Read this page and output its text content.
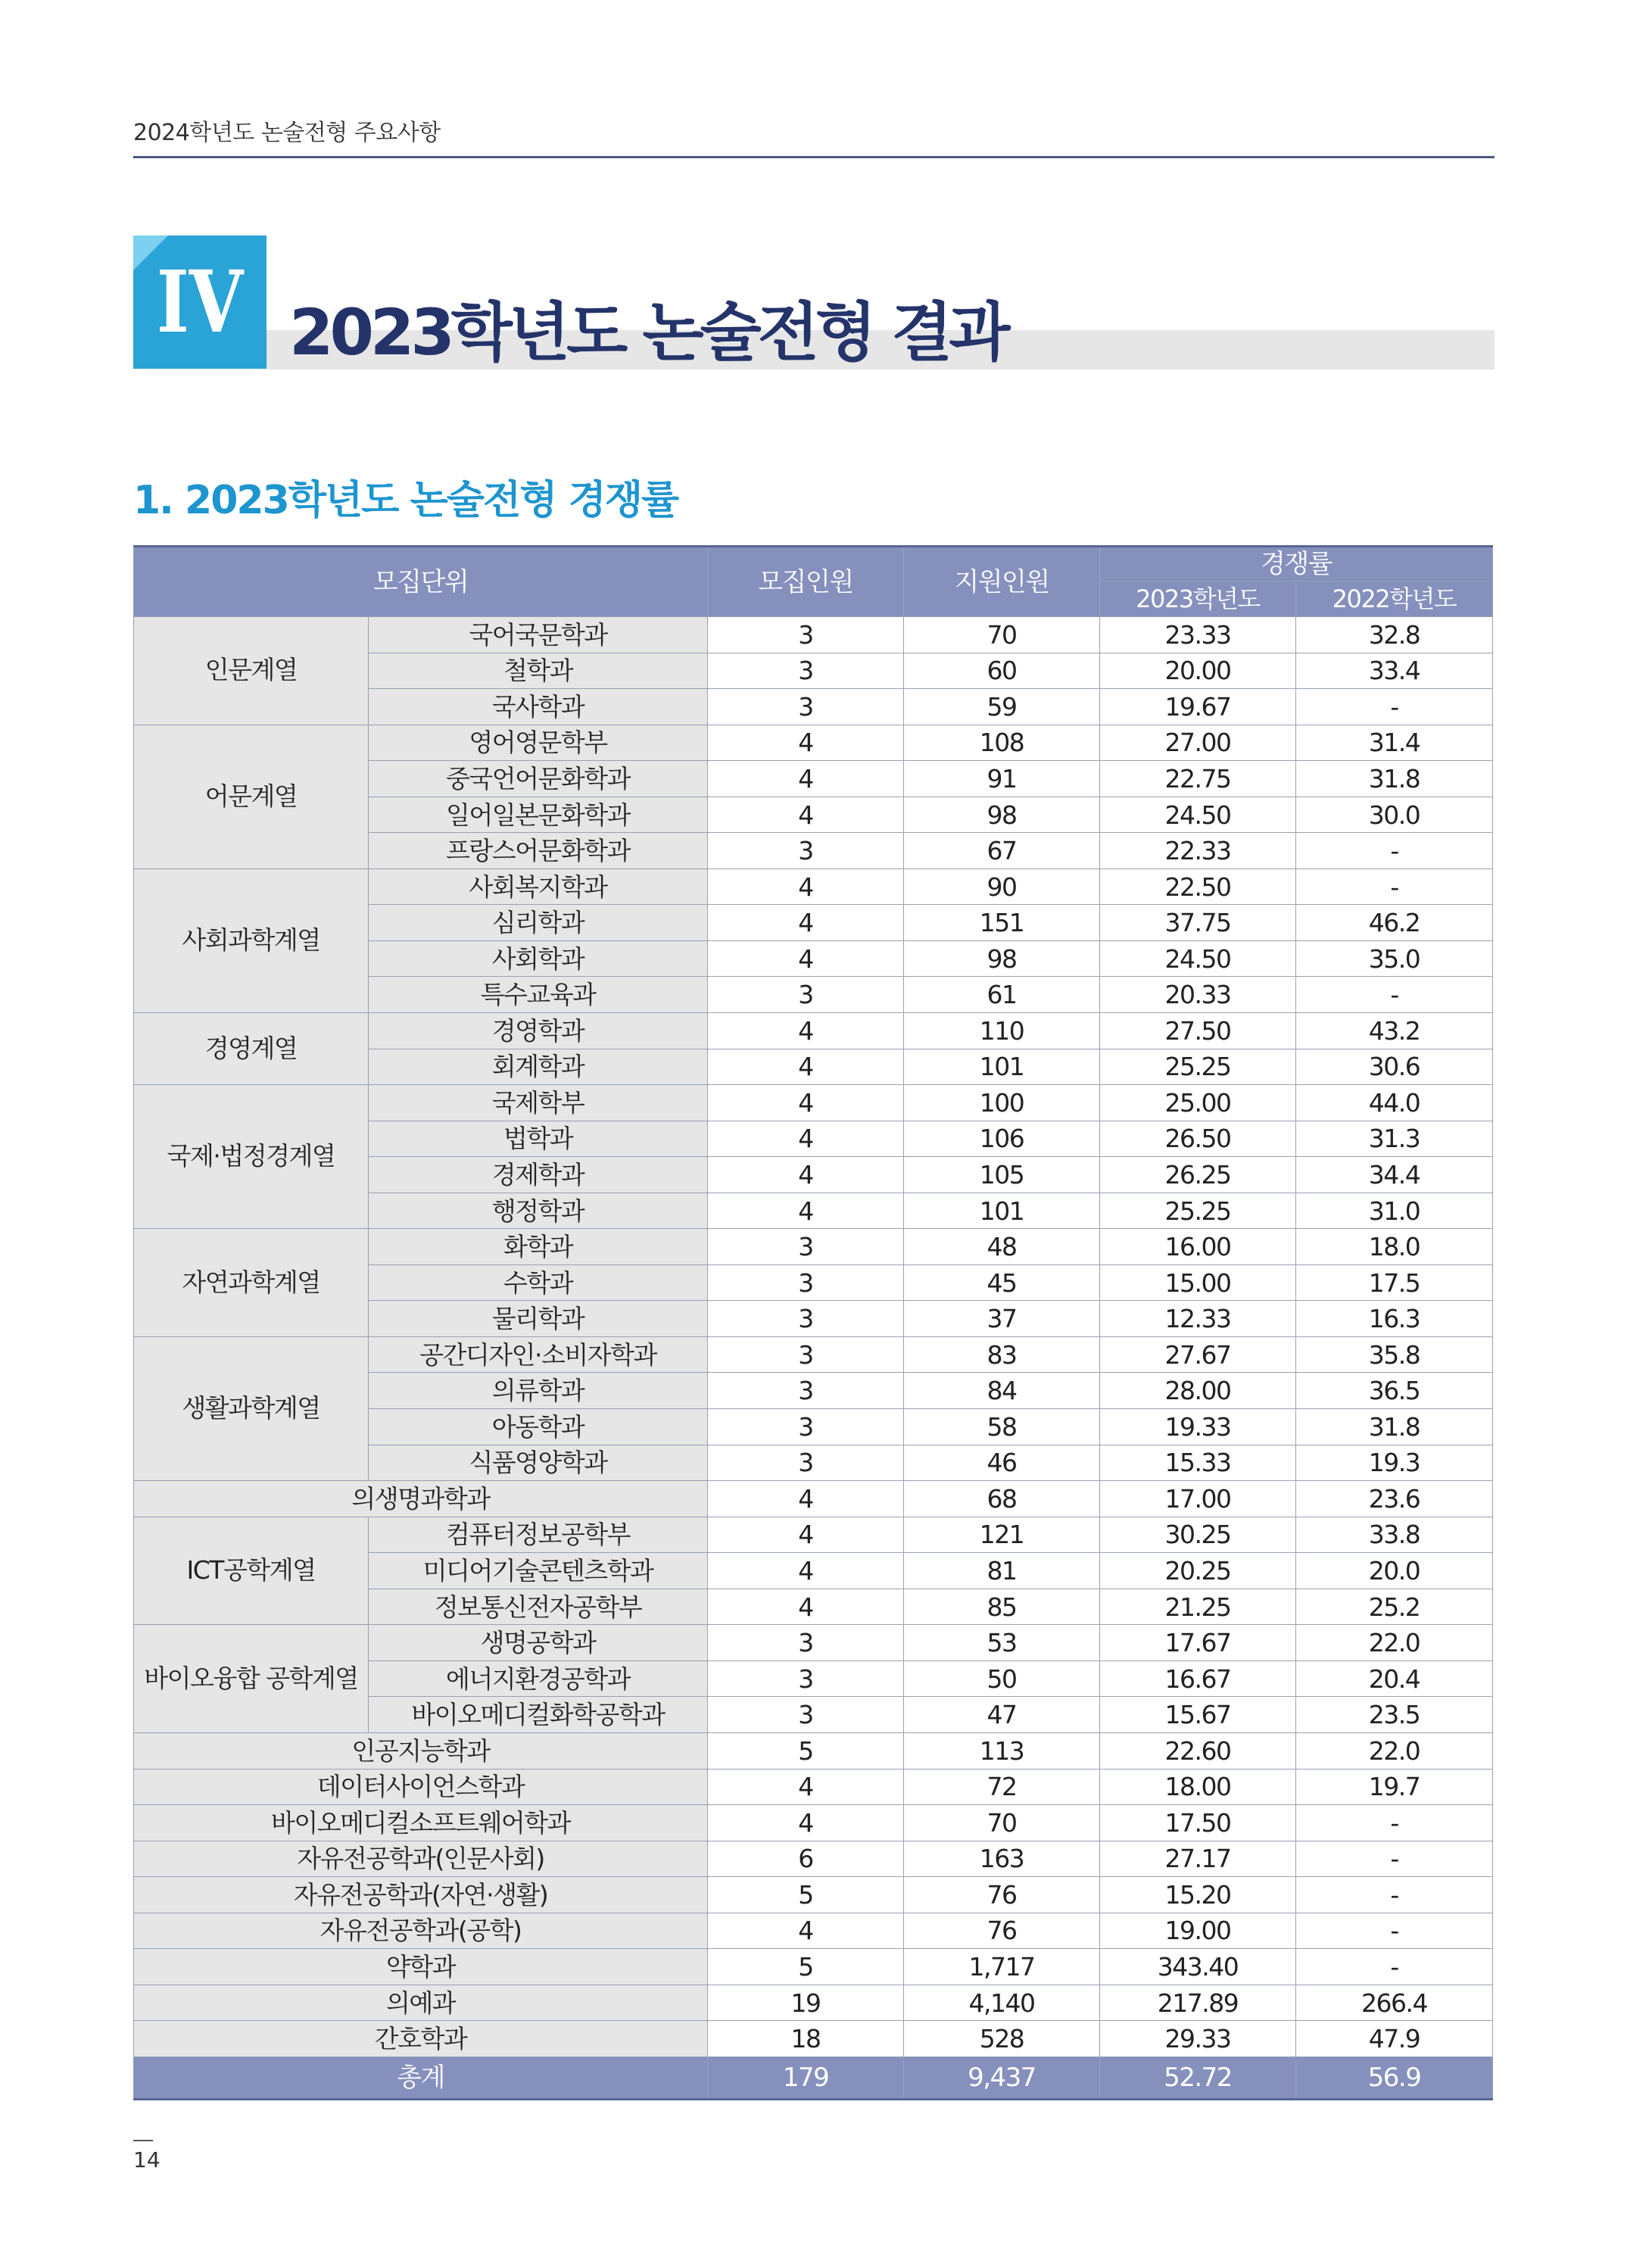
2024학년도 논술전형 주요사항
IV 2023학년도 논술전형 결과
1. 2023학년도 논술전형 경쟁률
모집단위		모집인원	지원인원	경쟁률	
				2023학년도	2022학년도
인문계열	국어국문학과	3	70	23.33	32.8
	철학과	3	60	20.00	33.4
	국사학과	3	59	19.67	-
어문계열	영어영문학부	4	108	27.00	31.4
	중국언어문화학과	4	91	22.75	31.8
	일어일본문화학과	4	98	24.50	30.0
	프랑스어문화학과	3	67	22.33	-
사회과학계열	사회복지학과	4	90	22.50	-
	심리학과	4	151	37.75	46.2
	사회학과	4	98	24.50	35.0
	특수교육과	3	61	20.33	-
경영계열	경영학과	4	110	27.50	43.2
	회계학과	4	101	25.25	30.6
국제·법정경계열	국제학부	4	100	25.00	44.0
	법학과	4	106	26.50	31.3
	경제학과	4	105	26.25	34.4
	행정학과	4	101	25.25	31.0
자연과학계열	화학과	3	48	16.00	18.0
	수학과	3	45	15.00	17.5
	물리학과	3	37	12.33	16.3
생활과학계열	공간디자인·소비자학과	3	83	27.67	35.8
	의류학과	3	84	28.00	36.5
	아동학과	3	58	19.33	31.8
	식품영양학과	3	46	15.33	19.3
의생명과학과		4	68	17.00	23.6
ICT공학계열	컴퓨터정보공학부	4	121	30.25	33.8
	미디어기술콘텐츠학과	4	81	20.25	20.0
	정보통신전자공학부	4	85	21.25	25.2
바이오융합 공학계열	생명공학과	3	53	17.67	22.0
	에너지환경공학과	3	50	16.67	20.4
	바이오메디컬화학공학과	3	47	15.67	23.5
인공지능학과		5	113	22.60	22.0
데이터사이언스학과		4	72	18.00	19.7
바이오메디컬소프트웨어학과		4	70	17.50	-
자유전공학과(인문사회)		6	163	27.17	-
자유전공학과(자연·생활)		5	76	15.20	-
자유전공학과(공학)		4	76	19.00	-
약학과		5	1,717	343.40	-
의예과		19	4,140	217.89	266.4
간호학과		18	528	29.33	47.9
총계		179	9,437	52.72	56.9
14
